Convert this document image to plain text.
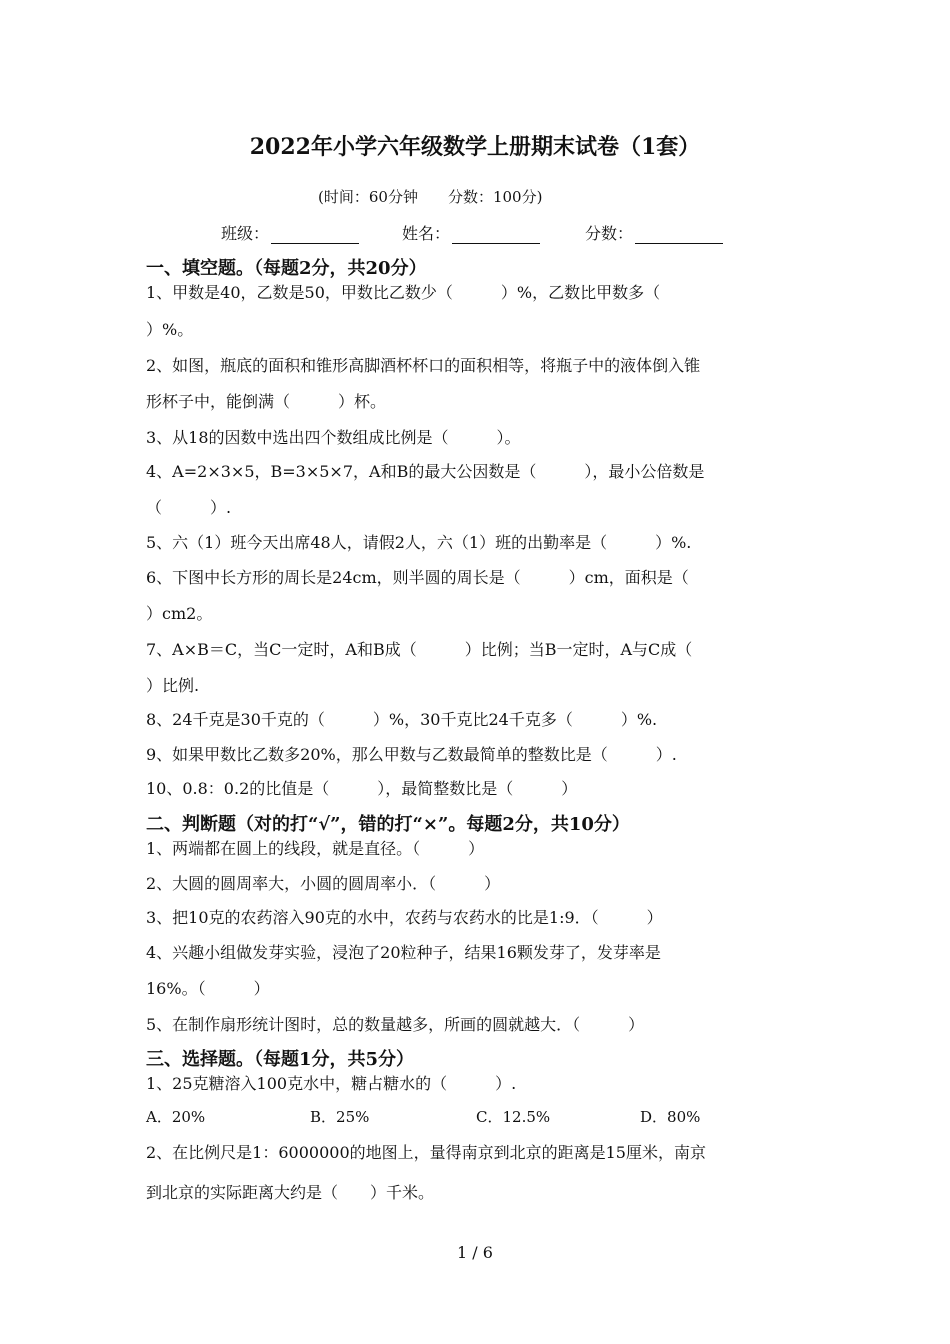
2022年小学六年级数学上册期末试卷（1套）
(时间：60分钟　　分数：100分)
班级：	姓名：	分数：
一、填空题。（每题2分，共20分）
1、甲数是40，乙数是50，甲数比乙数少（　　　）%，乙数比甲数多（
）%。
2、如图，瓶底的面积和锥形高脚酒杯杯口的面积相等，将瓶子中的液体倒入锥
形杯子中，能倒满（　　　）杯。
3、从18的因数中选出四个数组成比例是（　　　）。
4、A=2×3×5，B=3×5×7，A和B的最大公因数是（　　　），最小公倍数是
（　　　）.
5、六（1）班今天出席48人，请假2人，六（1）班的出勤率是（　　　）%.
6、下图中长方形的周长是24cm，则半圆的周长是（　　　）cm，面积是（
）cm2。
7、A×B＝C，当C一定时，A和B成（　　　）比例；当B一定时，A与C成（
）比例.
8、24千克是30千克的（　　　）%，30千克比24千克多（　　　）%.
9、如果甲数比乙数多20%，那么甲数与乙数最简单的整数比是（　　　）.
10、0.8：0.2的比值是（　　　），最简整数比是（　　　）
二、判断题（对的打“√”，错的打“×”。每题2分，共10分）
1、两端都在圆上的线段，就是直径。（　　　）
2、大圆的圆周率大，小圆的圆周率小．（　　　）
3、把10克的农药溶入90克的水中，农药与农药水的比是1:9．（　　　）
4、兴趣小组做发芽实验，浸泡了20粒种子，结果16颗发芽了，发芽率是
16%。（　　　）
5、在制作扇形统计图时，总的数量越多，所画的圆就越大．（　　　）
三、选择题。（每题1分，共5分）
1、25克糖溶入100克水中，糖占糖水的（　　　）.
A．20%	B．25%	C．12.5%	D．80%
2、在比例尺是1：6000000的地图上，量得南京到北京的距离是15厘米，南京
到北京的实际距离大约是（　　）千米。
1 / 6
